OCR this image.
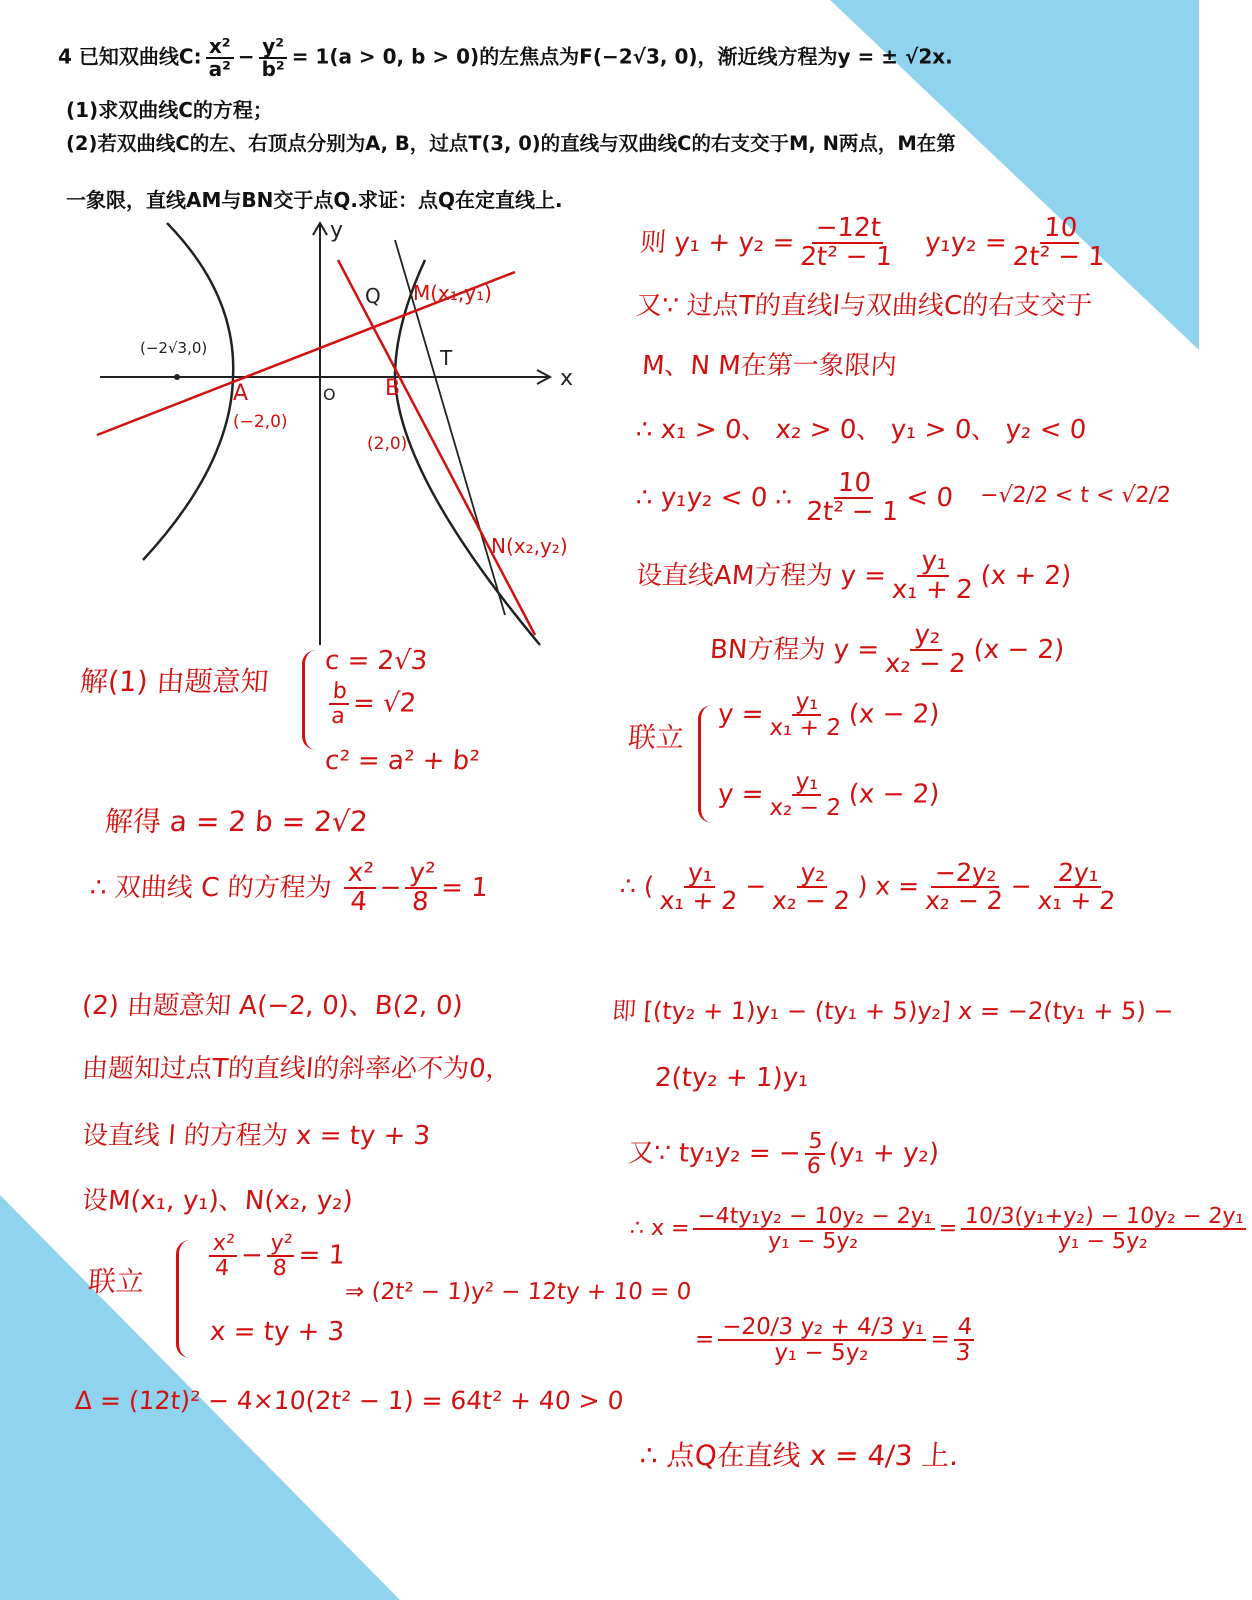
4 已知双曲线C: $\frac{\text{x²}}{\text{a²}} - \frac{\text{y²}}{\text{b²}} = 1(a > 0$, b > 0)的左焦点为F(−2√3, 0)，渐近线方程为y = ± √2x.
(1)求双曲线C的方程；
(2)若双曲线C的左、右顶点分别为A, B，过点T(3, 0)的直线与双曲线C的右支交于M, N两点，M在第
一象限，直线AM与BN交于点Q.求证：点Q在定直线上.
x
y
O
(−2√3,0)
A
(−2,0)
B
(2,0)
Q M(x₁,y₁)
T
N(x₂,y₂)
解(1) 由题意知
c = 2√3
$\frac{b}{a} = √2$
c² = a² + b²
解得 a = 2 b = 2√2
∴ 双曲线 C 的方程为 $\frac{\text{x²}}{4} - \frac{\text{y²}}{8} = 1$
(2) 由题意知 A(−2, 0)、B(2, 0)
由题知过点T的直线l的斜率必不为0，
设直线 l 的方程为 x = ty + 3
设M(x₁, y₁)、N(x₂, y₂)
联立
$\frac{\text{x²}}{4} - \frac{\text{y²}}{8} = 1$
x = ty + 3
⇒ (2t² − 1)y² − 12ty + 10 = 0
Δ = (12t)² − 4×10(2t² − 1) = 64t² + 40 > 0
则 $y_1 + y_2 = \frac{-12t}{\text{2t² − 1}} y_1y_2 = \frac{10}{\text{2t² − 1}}$
又∵ 过点T的直线l与双曲线C的右支交于
M、N M在第一象限内
∴ x₁ > 0、 x₂ > 0、 y₁ > 0、 y₂ < 0
∴ y₁y₂ < 0 ∴ $\frac{10}{\text{2t² − 1}} < 0 -√2/2 < t < √2/2$
设直线AM方程为 $y = \frac{\text{y₁}}{\text{x₁ + 2}} (x + 2)$
BN方程为 $y = \frac{\text{y₂}}{\text{x₂ − 2}} (x - 2)$
联立
$y = \frac{\text{y₁}}{\text{x₁ + 2}} (x - 2)$
$y = \frac{\text{y₁}}{\text{x₂ − 2}} (x - 2)$
∴ ( $\frac{\text{y₁}}{\text{x₁ + 2}} - \frac{\text{y₂}}{\text{x₂ − 2}}$ ) $x = \frac{\text{−2y₂}}{\text{x₂ − 2}} - \frac{\text{2y₁}}{\text{x₁ + 2}}$
即 [(ty₂ + 1)y₁ − (ty₁ + 5)y₂] x = −2(ty₁ + 5) −
2(ty₂ + 1)y₁
又∵ ty₁y₂ = − $\frac{5}{6} (y_1 + y_2)$
∴ $x = \frac{\text{−4ty₁y₂ − 10y₂ − 2y₁}}{\text{y₁ − 5y₂}} = \frac{\text{10/3(y₁+y₂) − 10y₂ − 2y₁}}{\text{y₁ − 5y₂}}$
= $\frac{\text{−20/3 y₂ + 4/3 y₁}}{\text{y₁ − 5y₂}} = \frac{4}{3}$
∴ 点Q在直线 x = 4/3 上.
